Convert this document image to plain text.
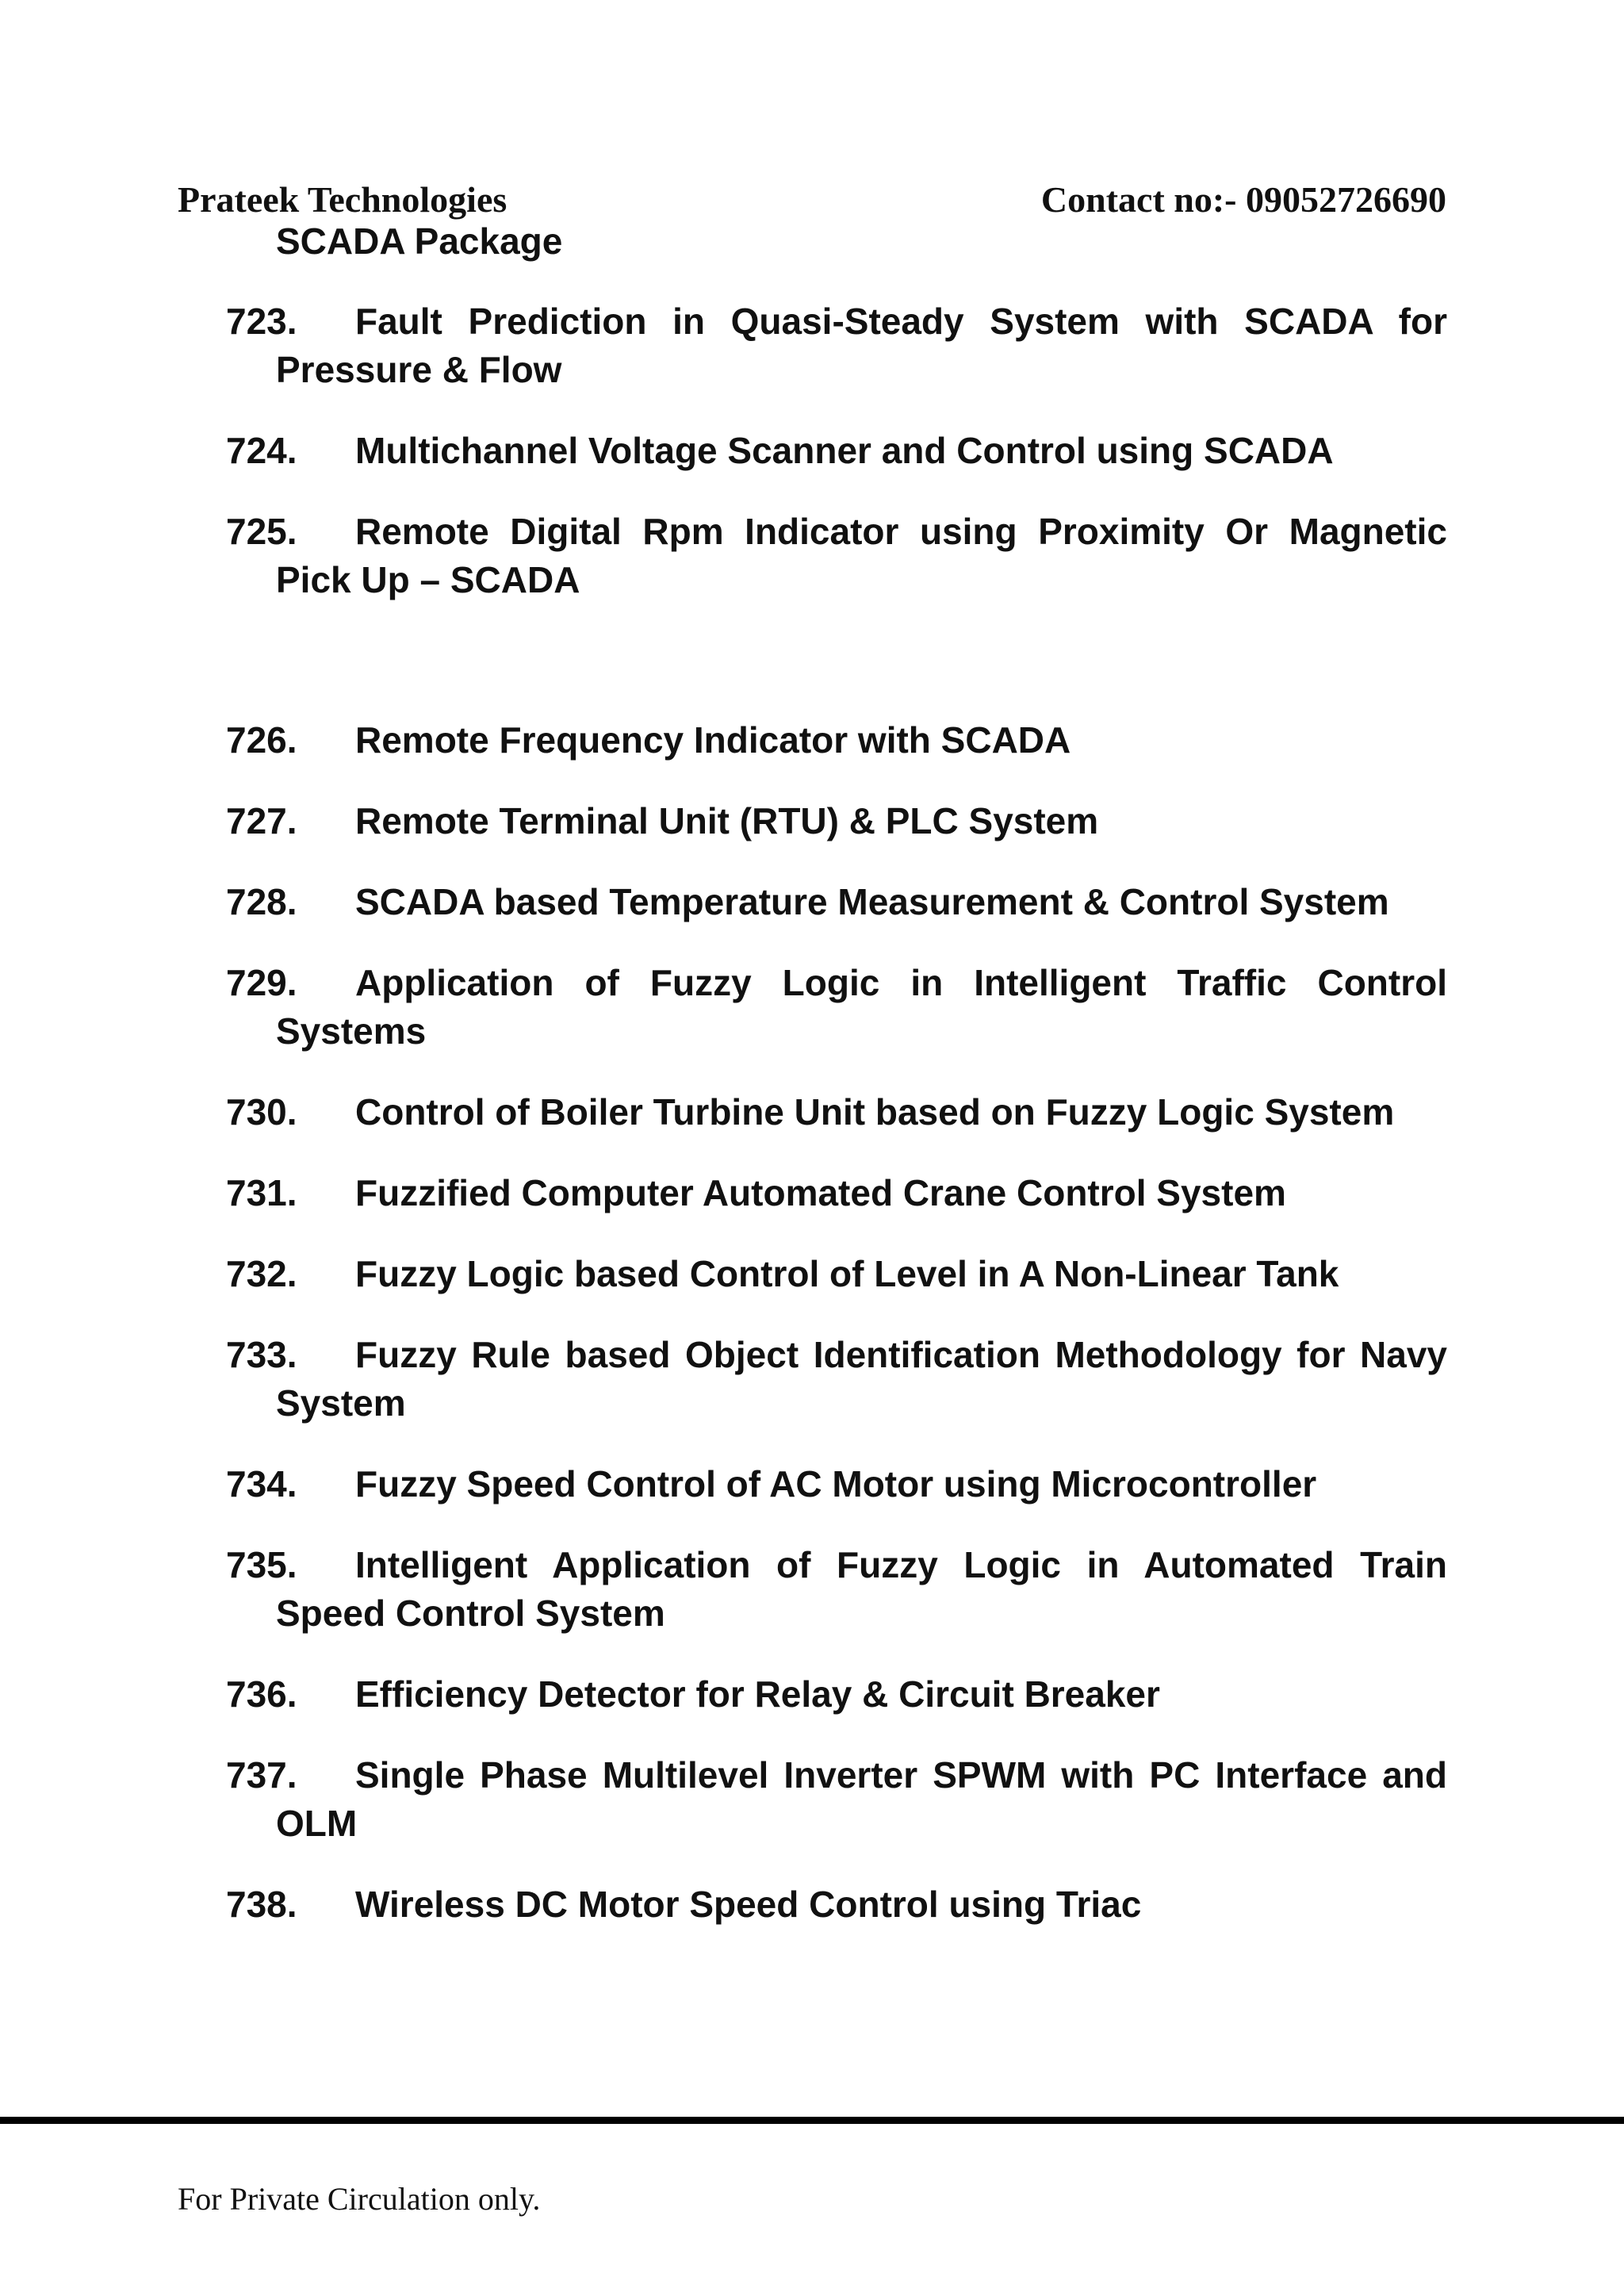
Prateek Technologies	Contact no:- 09052726690
SCADA Package
723. Fault Prediction in Quasi-Steady System with SCADA for Pressure & Flow
724. Multichannel Voltage Scanner and Control using SCADA
725. Remote Digital Rpm Indicator using Proximity Or Magnetic Pick Up – SCADA
726. Remote Frequency Indicator with SCADA
727. Remote Terminal Unit (RTU) & PLC System
728. SCADA based Temperature Measurement & Control System
729. Application of Fuzzy Logic in Intelligent Traffic Control Systems
730. Control of Boiler Turbine Unit based on Fuzzy Logic System
731. Fuzzified Computer Automated Crane Control System
732. Fuzzy Logic based Control of Level in A Non-Linear Tank
733. Fuzzy Rule based Object Identification Methodology for Navy System
734. Fuzzy Speed Control of AC Motor using Microcontroller
735. Intelligent Application of Fuzzy Logic in Automated Train Speed Control System
736. Efficiency Detector for Relay & Circuit Breaker
737. Single Phase Multilevel Inverter SPWM with PC Interface and OLM
738. Wireless DC Motor Speed Control using Triac
For Private Circulation only.
